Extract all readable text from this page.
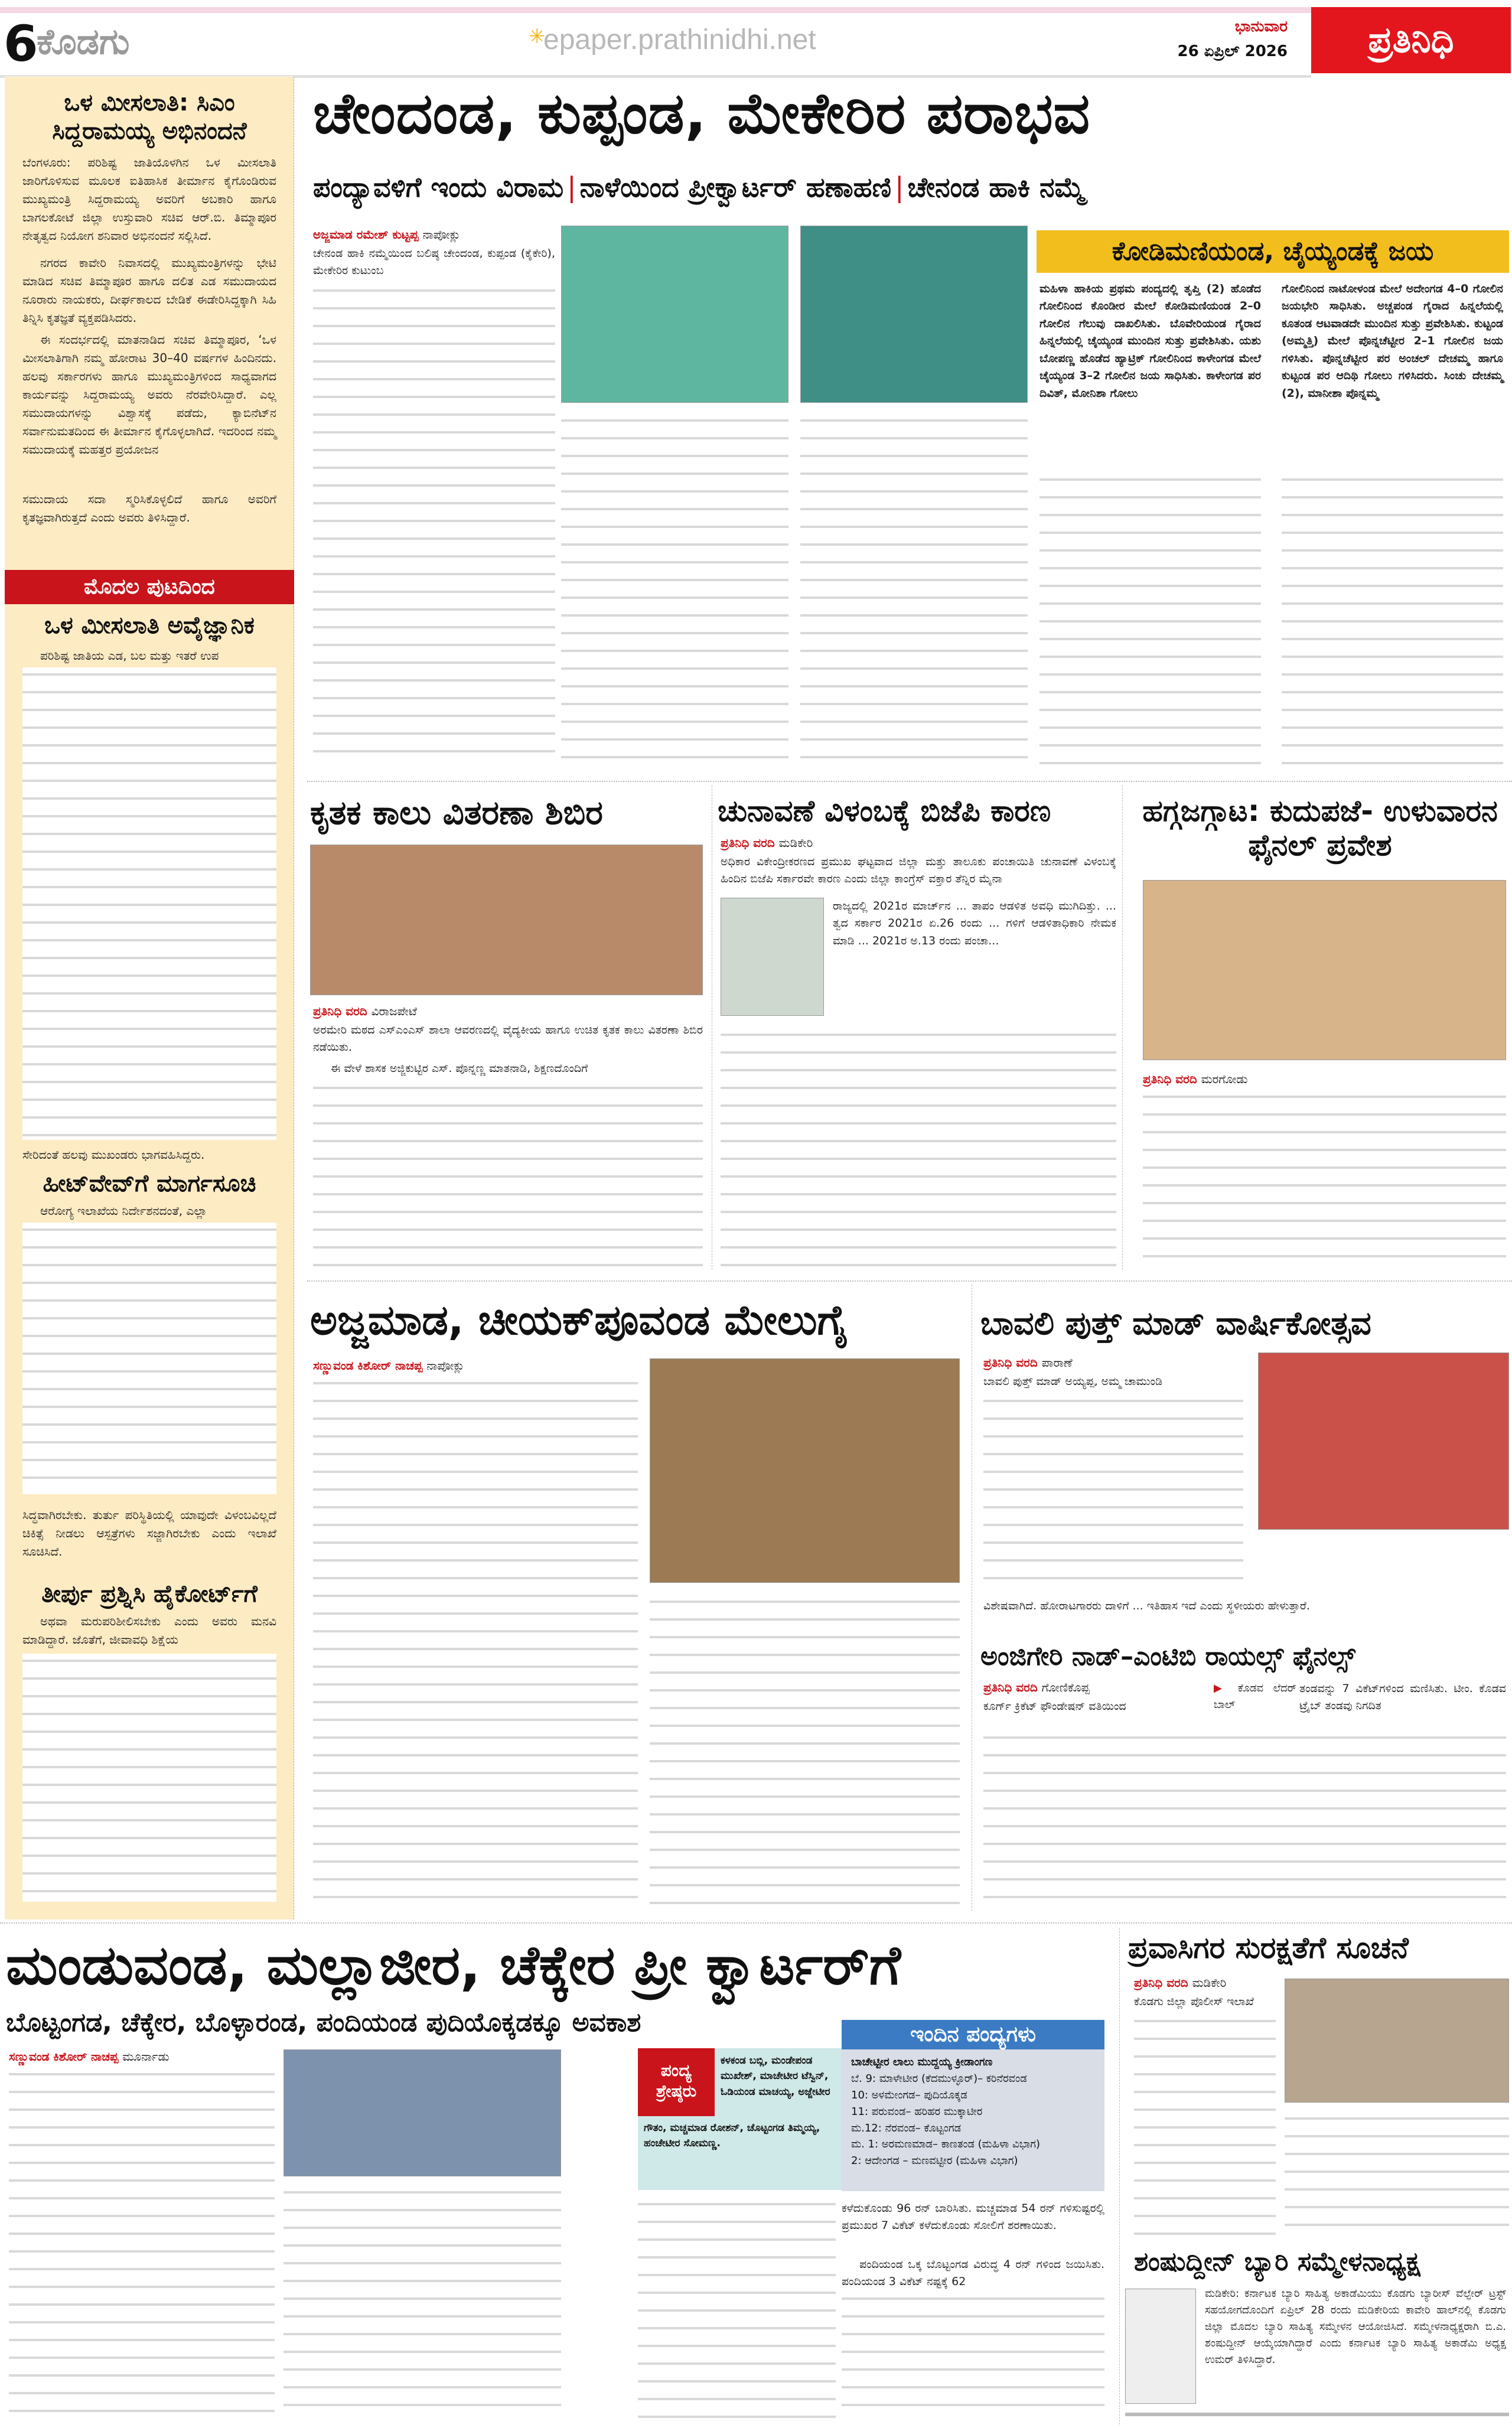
6
ಕೊಡಗು	✳
epaper.prathinidhi.net	ಭಾನುವಾರ
26 ಏಪ್ರಿಲ್ 2026	ಪ್ರತಿನಿಧಿ
ಒಳ ಮೀಸಲಾತಿ: ಸಿಎಂ ಸಿದ್ದರಾಮಯ್ಯ ಅಭಿನಂದನೆ
ಬೆಂಗಳೂರು: ಪರಿಶಿಷ್ಟ ಜಾತಿಯೊಳಗಿನ ಒಳ ಮೀಸಲಾತಿ ಜಾರಿಗೊಳಿಸುವ ಮೂಲಕ ಐತಿಹಾಸಿಕ ತೀರ್ಮಾನ ಕೈಗೊಂಡಿರುವ ಮುಖ್ಯಮಂತ್ರಿ ಸಿದ್ದರಾಮಯ್ಯ ಅವರಿಗೆ ಅಬಕಾರಿ ಹಾಗೂ ಬಾಗಲಕೋಟೆ ಜಿಲ್ಲಾ ಉಸ್ತುವಾರಿ ಸಚಿವ ಆರ್.ಬಿ. ತಿಮ್ಮಾಪೂರ ನೇತೃತ್ವದ ನಿಯೋಗ ಶನಿವಾರ ಅಭಿನಂದನೆ ಸಲ್ಲಿಸಿದೆ.
ನಗರದ ಕಾವೇರಿ ನಿವಾಸದಲ್ಲಿ ಮುಖ್ಯಮಂತ್ರಿಗಳನ್ನು ಭೇಟಿ ಮಾಡಿದ ಸಚಿವ ತಿಮ್ಮಾಪೂರ ಹಾಗೂ ದಲಿತ ಎಡ ಸಮುದಾಯದ ನೂರಾರು ನಾಯಕರು, ದೀರ್ಘಕಾಲದ ಬೇಡಿಕೆ ಈಡೇರಿಸಿದ್ದಕ್ಕಾಗಿ ಸಿಹಿ ತಿನ್ನಿಸಿ ಕೃತಜ್ಞತೆ ವ್ಯಕ್ತಪಡಿಸಿದರು.
ಈ ಸಂದರ್ಭದಲ್ಲಿ ಮಾತನಾಡಿದ ಸಚಿವ ತಿಮ್ಮಾಪೂರ, ‘ಒಳ ಮೀಸಲಾತಿಗಾಗಿ ನಮ್ಮ ಹೋರಾಟ 30–40 ವರ್ಷಗಳ ಹಿಂದಿನದು. ಹಲವು ಸರ್ಕಾರಗಳು ಹಾಗೂ ಮುಖ್ಯಮಂತ್ರಿಗಳಿಂದ ಸಾಧ್ಯವಾಗದ ಕಾರ್ಯವನ್ನು ಸಿದ್ದರಾಮಯ್ಯ ಅವರು ನೆರವೇರಿಸಿದ್ದಾರೆ. ಎಲ್ಲ ಸಮುದಾಯಗಳನ್ನು ವಿಶ್ವಾಸಕ್ಕೆ ಪಡೆದು, ಕ್ಯಾಬಿನೆಟ್‌ನ ಸರ್ವಾನುಮತದಿಂದ ಈ ತೀರ್ಮಾನ ಕೈಗೊಳ್ಳಲಾಗಿದೆ. ಇದರಿಂದ ನಮ್ಮ ಸಮುದಾಯಕ್ಕೆ ಮಹತ್ತರ ಪ್ರಯೋಜನ
ಸಮುದಾಯ ಸದಾ ಸ್ಮರಿಸಿಕೊಳ್ಳಲಿದೆ ಹಾಗೂ ಅವರಿಗೆ ಕೃತಜ್ಞವಾಗಿರುತ್ತದೆ ಎಂದು ಅವರು ತಿಳಿಸಿದ್ದಾರೆ.
ಮೊದಲ ಪುಟದಿಂದ
ಒಳ ಮೀಸಲಾತಿ ಅವೈಜ್ಞಾನಿಕ
ಪರಿಶಿಷ್ಟ ಜಾತಿಯ ಎಡ, ಬಲ ಮತ್ತು ಇತರೆ ಉಪ
ಸೇರಿದಂತೆ ಹಲವು ಮುಖಂಡರು ಭಾಗವಹಿಸಿದ್ದರು.
ಹೀಟ್‌ವೇವ್‌ಗೆ ಮಾರ್ಗಸೂಚಿ
ಆರೋಗ್ಯ ಇಲಾಖೆಯ ನಿರ್ದೇಶನದಂತೆ, ಎಲ್ಲಾ
ಸಿದ್ಧವಾಗಿರಬೇಕು. ತುರ್ತು ಪರಿಸ್ಥಿತಿಯಲ್ಲಿ ಯಾವುದೇ ವಿಳಂಬವಿಲ್ಲದೆ ಚಿಕಿತ್ಸೆ ನೀಡಲು ಆಸ್ಪತ್ರೆಗಳು ಸಜ್ಜಾಗಿರಬೇಕು ಎಂದು ಇಲಾಖೆ ಸೂಚಿಸಿದೆ.
ತೀರ್ಪು ಪ್ರಶ್ನಿಸಿ ಹೈಕೋರ್ಟ್‌ಗೆ
ಅಥವಾ ಮರುಪರಿಶೀಲಿಸಬೇಕು ಎಂದು ಅವರು ಮನವಿ ಮಾಡಿದ್ದಾರೆ. ಜೊತೆಗೆ, ಜೀವಾವಧಿ ಶಿಕ್ಷೆಯ
ಚೇಂದಂಡ, ಕುಪ್ಪಂಡ, ಮೇಕೇರಿರ ಪರಾಭವ
ಪಂದ್ಯಾವಳಿಗೆ ಇಂದು ವಿರಾಮ | ನಾಳೆಯಿಂದ ಪ್ರೀಕ್ವಾರ್ಟರ್ ಹಣಾಹಣಿ | ಚೇನಂಡ ಹಾಕಿ ನಮ್ಮೆ
ಅಜ್ಜಮಾಡ ರಮೇಶ್ ಕುಟ್ಟಪ್ಪ ನಾಪೋಕ್ಲು
ಚೇನಂಡ ಹಾಕಿ ನಮ್ಮೆಯಿಂದ ಬಲಿಷ್ಠ ಚೇಂದಂಡ, ಕುಪ್ಪಂಡ (ಕೈಕೇರಿ), ಮೇಕೇರಿರ ಕುಟುಂಬ
ಕೋಡಿಮಣಿಯಂಡ, ಚೈಯ್ಯಂಡಕ್ಕೆ ಜಯ
ಮಹಿಳಾ ಹಾಕಿಯ ಪ್ರಥಮ ಪಂದ್ಯದಲ್ಲಿ ತೃಪ್ತಿ (2) ಹೊಡೆದ ಗೋಲಿನಿಂದ ಕೊಂಡೀರ ಮೇಲೆ ಕೋಡಿಮಣಿಯಂಡ 2–0 ಗೋಲಿನ ಗೆಲುವು ದಾಖಲಿಸಿತು. ಬೊವೇರಿಯಂಡ ಗೈರಾದ ಹಿನ್ನಲೆಯಲ್ಲಿ ಚೈಯ್ಯಂಡ ಮುಂದಿನ ಸುತ್ತು ಪ್ರವೇಶಿಸಿತು. ಯಶು ಬೋಪಣ್ಣ ಹೊಡೆದ ಹ್ಯಾಟ್ರಿಕ್ ಗೋಲಿನಿಂದ ಕಾಳೇಂಗಡ ಮೇಲೆ ಚೈಯ್ಯಂಡ 3–2 ಗೋಲಿನ ಜಯ ಸಾಧಿಸಿತು. ಕಾಳೇಂಗಡ ಪರ ದಿವಿತ್, ಮೋನಿಶಾ ಗೋಲು
ಗೋಲಿನಿಂದ ನಾಟೋಳಂಡ ಮೇಲೆ ಅದೇಂಗಡ 4–0 ಗೋಲಿನ ಜಯಭೇರಿ ಸಾಧಿಸಿತು. ಅಚ್ಚಪಂಡ ಗೈರಾದ ಹಿನ್ನಲೆಯಲ್ಲಿ ಕೂತಂಡ ಆಟವಾಡದೇ ಮುಂದಿನ ಸುತ್ತು ಪ್ರವೇಶಿಸಿತು. ಕುಟ್ಟಂಡ (ಅಮ್ಮತ್ತಿ) ಮೇಲೆ ಪೊನ್ನಚೆಟ್ಟೀರ 2–1 ಗೋಲಿನ ಜಯ ಗಳಿಸಿತು. ಪೊನ್ನಚೆಟ್ಟೀರ ಪರ ಅಂಚಲ್ ದೇಚಮ್ಮ ಹಾಗೂ ಕುಟ್ಟಂಡ ಪರ ಆದಿಥಿ ಗೋಲು ಗಳಿಸಿದರು. ಸಿಂಚು ದೇಚಮ್ಮ (2), ಮಾನೀಶಾ ಪೊನ್ನಮ್ಮ
ಕೃತಕ ಕಾಲು ವಿತರಣಾ ಶಿಬಿರ
ಪ್ರತಿನಿಧಿ ವರದಿ ವಿರಾಜಪೇಟೆ
ಅರಮೇರಿ ಮಠದ ಎಸ್‌ಎಂಎಸ್ ಶಾಲಾ ಆವರಣದಲ್ಲಿ ವೈದ್ಯಕೀಯ ಹಾಗೂ ಉಚಿತ ಕೃತಕ ಕಾಲು ವಿತರಣಾ ಶಿಬಿರ ನಡೆಯಿತು.
ಈ ವೇಳೆ ಶಾಸಕ ಅಜ್ಜಿಕುಟ್ಟಿರ ಎಸ್. ಪೊನ್ನಣ್ಣ ಮಾತನಾಡಿ, ಶಿಕ್ಷಣದೊಂದಿಗೆ
ಚುನಾವಣೆ ವಿಳಂಬಕ್ಕೆ ಬಿಜೆಪಿ ಕಾರಣ
ಪ್ರತಿನಿಧಿ ವರದಿ ಮಡಿಕೇರಿ
ಅಧಿಕಾರ ವಿಕೇಂದ್ರೀಕರಣದ ಪ್ರಮುಖ ಘಟ್ಟವಾದ ಜಿಲ್ಲಾ ಮತ್ತು ತಾಲೂಕು ಪಂಚಾಯಿತಿ ಚುನಾವಣೆ ವಿಳಂಬಕ್ಕೆ ಹಿಂದಿನ ಬಿಜೆಪಿ ಸರ್ಕಾರವೇ ಕಾರಣ ಎಂದು ಜಿಲ್ಲಾ ಕಾಂಗ್ರೆಸ್ ವಕ್ತಾರ ತೆನ್ನಿರ ಮೈನಾ
ರಾಜ್ಯದಲ್ಲಿ 2021ರ ಮಾರ್ಚ್‌ನ ... ತಾಪಂ ಆಡಳಿತ ಅವಧಿ ಮುಗಿದಿತ್ತು. ... ತ್ವದ ಸರ್ಕಾರ 2021ರ ಏ.26 ರಂದು ... ಗಳಿಗೆ ಆಡಳಿತಾಧಿಕಾರಿ ನೇಮಕ ಮಾಡಿ ... 2021ರ ಅ.13 ರಂದು ಪಂಚಾ...
ಹಗ್ಗಜಗ್ಗಾಟ: ಕುದುಪಜೆ- ಉಳುವಾರನ ಫೈನಲ್ ಪ್ರವೇಶ
ಪ್ರತಿನಿಧಿ ವರದಿ ಮರಗೋಡು
ಅಜ್ಜಮಾಡ, ಚೀಯಕ್‌ಪೂವಂಡ ಮೇಲುಗೈ
ಸಣ್ಣುವಂಡ ಕಿಶೋರ್ ನಾಚಪ್ಪ ನಾಪೋಕ್ಲು
ಬಾವಲಿ ಪುತ್ತ್ ಮಾಡ್ ವಾರ್ಷಿಕೋತ್ಸವ
ಪ್ರತಿನಿಧಿ ವರದಿ ಪಾರಾಣೆ
ಬಾವಲಿ ಪುತ್ತ್ ಮಾಡ್ ಅಯ್ಯಪ್ಪ, ಅಮ್ಮ ಚಾಮುಂಡಿ
ವಿಶೇಷವಾಗಿದೆ. ಹೋರಾಟಗಾರರು ದಾಳಿಗೆ ... ಇತಿಹಾಸ ಇದೆ ಎಂದು ಸ್ಥಳೀಯರು ಹೇಳುತ್ತಾರೆ.
ಅಂಜಿಗೇರಿ ನಾಡ್–ಎಂಟಿಬಿ ರಾಯಲ್ಸ್ ಫೈನಲ್ಸ್
ಪ್ರತಿನಿಧಿ ವರದಿ ಗೋಣಿಕೊಪ್ಪ
ಕೂರ್ಗ್ ಕ್ರಿಕೆಟ್ ಫೌಂಡೇಷನ್ ವತಿಯಿಂದ
▶ ಕೊಡವ ಲೆದರ್ ಬಾಲ್
ತಂಡವನ್ನು 7 ವಿಕೆಟ್‌ಗಳಿಂದ ಮಣಿಸಿತು. ಟೀಂ. ಕೊಡವ ಟ್ರೈಬ್ ತಂಡವು ನಿಗದಿತ
ಮಂಡುವಂಡ, ಮಲ್ಲಾಜೀರ, ಚೆಕ್ಕೇರ ಪ್ರೀ ಕ್ವಾರ್ಟರ್‌ಗೆ
ಬೊಟ್ಟಂಗಡ, ಚೆಕ್ಕೇರ, ಬೊಳ್ಳಾರಂಡ, ಪಂದಿಯಂಡ ಪುದಿಯೊಕ್ಕಡಕ್ಕೂ ಅವಕಾಶ
ಸಣ್ಣುವಂಡ ಕಿಶೋರ್ ನಾಚಪ್ಪ ಮೂರ್ನಾಡು
ಪಂದ್ಯ
ಶ್ರೇಷ್ಠರು
ಕಳಕಂಡ ಬಬ್ಲಿ, ಮಂಡೇಪಂಡ ಮುಖೇಶ್, ಮಾಚೇಟೀರ ಟೆಸ್ವಿನ್, ಓಡಿಯಂಡ ಮಾಚಯ್ಯ, ಅಜ್ಜೇಟೀರ
ಗೌತಂ, ಮಚ್ಚಮಾಡ ರೋಶನ್, ಚೊಟ್ಟಂಗಡ ತಿಮ್ಮಯ್ಯ, ಹಂಚೇಟೀರ ಸೋಮಣ್ಣ.
ಇಂದಿನ ಪಂದ್ಯಗಳು
ಬಾಚೇಟ್ಟೀರ ಲಾಲು ಮುದ್ದಯ್ಯ ಕ್ರೀಡಾಂಗಣ
ಬೆ. 9: ಮಾಳೇಟೀರ (ಕೆದಮುಳ್ಳೂರ್)– ಕರಿನೆರವಂಡ
10: ಅಳಮೇಂಗಡ– ಪುದಿಯೊಕ್ಕಡ
11: ಪರುವಂಡ– ಹರಿಹರ ಮುಕ್ಕಾಟೀರ
ಮ.12: ನೆರವಂಡ– ಕೊಟ್ಟಂಗಡ
ಮ. 1: ಅರಮಣಮಾಡ– ಕಾಣತಂಡ (ಮಹಿಳಾ ವಿಭಾಗ)
2: ಆದೇಂಗಡ – ಮಣವಟ್ಟೀರ (ಮಹಿಳಾ ವಿಭಾಗ)
ಕಳೆದುಕೊಂಡು 96 ರನ್ ಬಾರಿಸಿತು. ಮಚ್ಚಮಾಡ 54 ರನ್ ಗಳಿಸುಷ್ಟರಲ್ಲಿ ಪ್ರಮುಖರ 7 ವಿಕೆಟ್ ಕಳೆದುಕೊಂಡು ಸೋಲಿಗೆ ಶರಣಾಯಿತು.
ಪಂದಿಯಂಡ ಒಕ್ಕ ಬೊಟ್ಟಂಗಡ ವಿರುದ್ಧ 4 ರನ್ ಗಳಿಂದ ಜಯಿಸಿತು. ಪಂದಿಯಂಡ 3 ವಿಕೆಟ್ ನಷ್ಟಕ್ಕೆ 62
ಪ್ರವಾಸಿಗರ ಸುರಕ್ಷತೆಗೆ ಸೂಚನೆ
ಪ್ರತಿನಿಧಿ ವರದಿ ಮಡಿಕೇರಿ
ಕೊಡಗು ಜಿಲ್ಲಾ ಪೊಲೀಸ್ ಇಲಾಖೆ
ಶಂಷುದ್ದೀನ್ ಬ್ಯಾರಿ ಸಮ್ಮೇಳನಾಧ್ಯಕ್ಷ
ಮಡಿಕೇರಿ: ಕರ್ನಾಟಕ ಬ್ಯಾರಿ ಸಾಹಿತ್ಯ ಅಕಾಡೆಮಿಯು ಕೊಡಗು ಬ್ಯಾರೀಸ್ ವೆಲ್ಫೇರ್ ಟ್ರಸ್ಟ್ ಸಹಯೋಗದೊಂದಿಗೆ ಏಪ್ರಿಲ್ 28 ರಂದು ಮಡಿಕೇರಿಯ ಕಾವೇರಿ ಹಾಲ್‌ನಲ್ಲಿ ಕೊಡಗು ಜಿಲ್ಲಾ ಮೊದಲ ಬ್ಯಾರಿ ಸಾಹಿತ್ಯ ಸಮ್ಮೇಳನ ಆಯೋಜಿಸಿದೆ. ಸಮ್ಮೇಳನಾಧ್ಯಕ್ಷರಾಗಿ ಬಿ.ಎ. ಶಂಷುದ್ದೀನ್ ಆಯ್ಕೆಯಾಗಿದ್ದಾರೆ ಎಂದು ಕರ್ನಾಟಕ ಬ್ಯಾರಿ ಸಾಹಿತ್ಯ ಅಕಾಡೆಮಿ ಅಧ್ಯಕ್ಷ ಉಮರ್ ತಿಳಿಸಿದ್ದಾರೆ.
